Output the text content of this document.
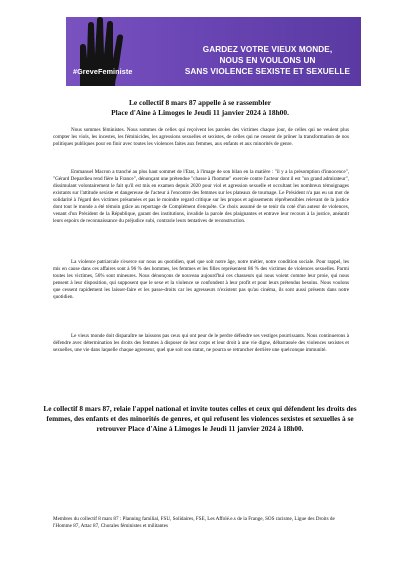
#GreveFeministe
GARDEZ VOTRE VIEUX MONDE,
NOUS EN VOULONS UN
SANS VIOLENCE SEXISTE ET SEXUELLE
Le collectif 8 mars 87 appelle à se rassembler
Place d'Aine à Limoges le Jeudi 11 janvier 2024 à 18h00.

Nous sommes féministes. Nous sommes de celles qui reçoivent les paroles des victimes chaque jour, de celles qui ne veulent plus compter les viols, les incestes, les féminicides, les agressions sexuelles et sexistes, de celles qui ne cessent de prôner la transformation de nos politiques publiques pour en finir avec toutes les violences faites aux femmes, aux enfants et aux minorités de genre.

Emmanuel Macron a tranché au plus haut sommet de l'Etat, à l'image de son bilan en la matière : "il y a la présomption d'innocence", "Gérard Depardieu rend fière la France", dénonçant une prétendue "chasse à l'homme" exercée contre l'acteur dont il est "un grand admirateur", dissimulant volontairement le fait qu'il est mis en examen depuis 2020 pour viol et agression sexuelle et occultant les nombreux témoignages existants sur l'attitude sexiste et dangereuse de l'acteur à l'encontre des femmes sur les plateaux de tournage. Le Président n'a pas eu un mot de solidarité à l'égard des victimes présumées et pas le moindre regard critique sur les propos et agissements répréhensibles relevant de la justice dont tout le monde a été témoin grâce au reportage de Complément d'enquête. Ce choix assumé de se tenir du coté d'un auteur de violences, venant d'un Président de la République, garant des institutions, invalide la parole des plaignantes et entrave leur recours à la justice, anéantit leurs espoirs de reconnaissance du préjudice subi, contrarie leurs tentatives de reconstruction.

La violence patriarcale s'exerce sur nous au quotidien, quel que soit notre âge, notre métier, notre condition sociale. Pour rappel, les mis en cause dans ces affaires sont à 96 % des hommes, les femmes et les filles représentent 86 % des victimes de violences sexuelles. Parmi toutes les victimes, 56% sont mineures. Nous dénonçons de nouveau aujourd'hui ces chasseurs qui nous voient comme leur proie, qui nous pensent à leur disposition, qui supposent que le sexe et la violence se confondent à leur profit et pour leurs prétendus besoins. Nous voulons que cessent rapidement les laisser-faire et les passe-droits car les agresseurs n'existent pas qu'au cinéma, ils sont aussi présents dans notre quotidien.

Le vieux monde doit disparaître ne laissons pas ceux qui ont peur de le perdre défendre ses vestiges pourrissants. Nous continuerons à défendre avec détermination les droits des femmes à disposer de leur corps et leur droit à une vie digne, débarrassée des violences sexistes et sexuelles, une vie dans laquelle chaque agresseur, quel que soit son statut, ne pourra se retrancher derrière une quelconque immunité.

Le collectif 8 mars 87, relaie l'appel national et invite toutes celles et ceux qui défendent les droits des femmes, des enfants et des minorités de genres, et qui refusent les violences sexistes et sexuelles à se retrouver Place d'Aine à Limoges le Jeudi 11 janvier 2024 à 18h00.

Membres du collectif 8 mars 87 : Planning familial, FSU, Solidaires, FSE, Les Affolé.e.s de la Frange, SOS racisme, Ligue des Droits de l'Homme 87, Attac 87, Chorales féministes et militantes
